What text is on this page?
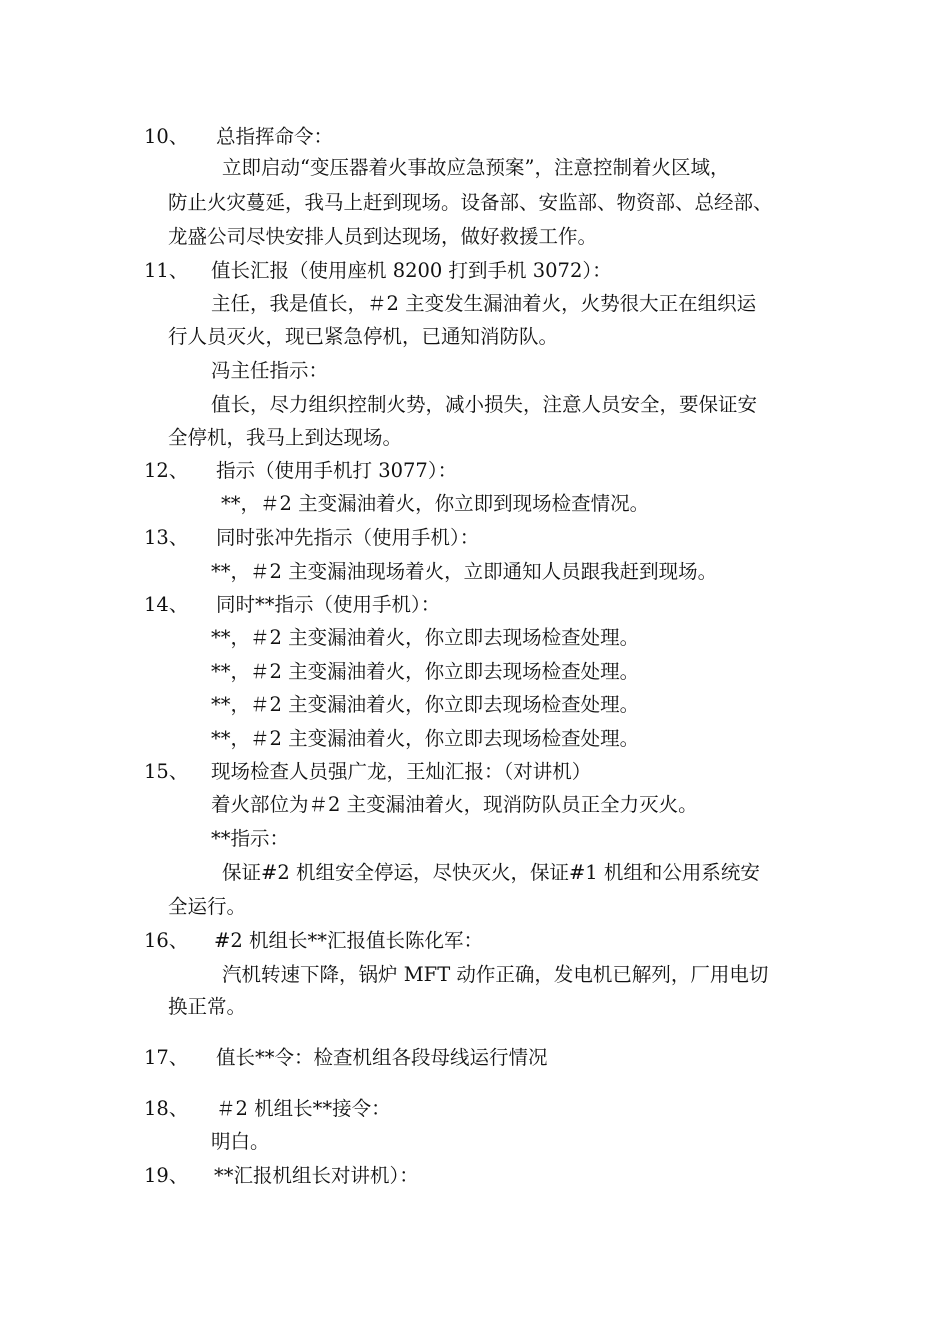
10、 总指挥命令：
立即启动“变压器着火事故应急预案”，注意控制着火区域，
防止火灾蔓延，我马上赶到现场。设备部、安监部、物资部、总经部、
龙盛公司尽快安排人员到达现场，做好救援工作。
11、 值长汇报（使用座机 8200 打到手机 3072）：
主任，我是值长，＃2 主变发生漏油着火，火势很大正在组织运
行人员灭火，现已紧急停机，已通知消防队。
冯主任指示：
值长，尽力组织控制火势，减小损失，注意人员安全，要保证安
全停机，我马上到达现场。
12、 指示（使用手机打 3077）：
**，＃2 主变漏油着火，你立即到现场检查情况。
13、 同时张冲先指示（使用手机）：
**，＃2 主变漏油现场着火，立即通知人员跟我赶到现场。
14、 同时**指示（使用手机）：
**，＃2 主变漏油着火，你立即去现场检查处理。
**，＃2 主变漏油着火，你立即去现场检查处理。
**，＃2 主变漏油着火，你立即去现场检查处理。
**，＃2 主变漏油着火，你立即去现场检查处理。
15、 现场检查人员强广龙，王灿汇报：（对讲机）
着火部位为＃2 主变漏油着火，现消防队员正全力灭火。
**指示：
保证#2 机组安全停运，尽快灭火，保证#1 机组和公用系统安
全运行。
16、 #2 机组长**汇报值长陈化军：
汽机转速下降，锅炉 MFT 动作正确，发电机已解列，厂用电切
换正常。
17、 值长**令：检查机组各段母线运行情况
18、 ＃2 机组长**接令：
明白。
19、 **汇报机组长对讲机）：
